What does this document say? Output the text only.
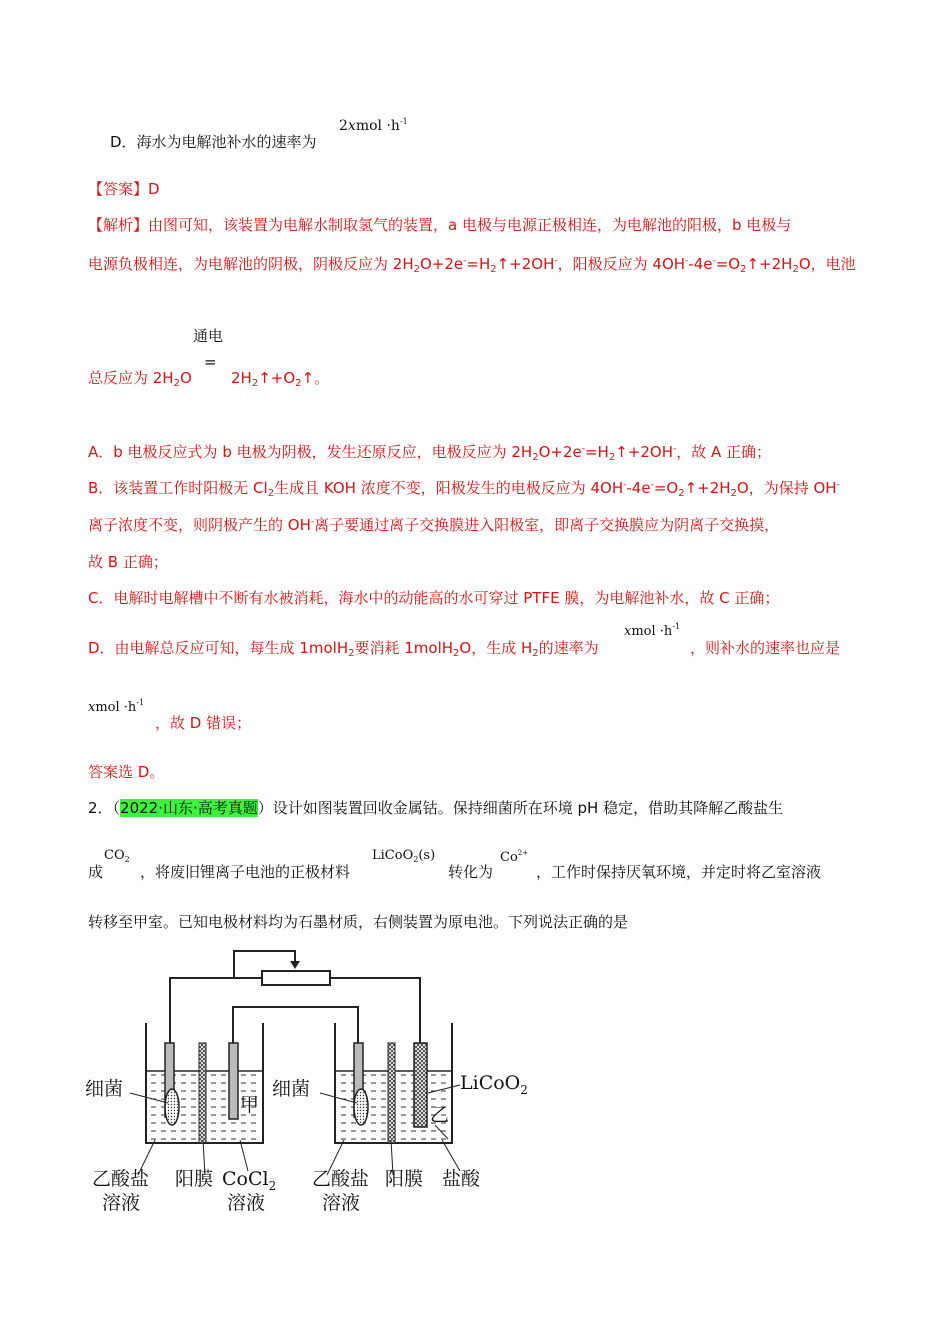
D．海水为电解池补水的速率为
2xmol $\cdot h^{-1}$
【答案】D
【解析】由图可知，该装置为电解水制取氢气的装置，a 电极与电源正极相连，为电解池的阳极，b 电极与
电源负极相连，为电解池的阴极，阴极反应为 $2H_2O+2e^-=H_2↑+2OH^-$，阳极反应为 $4OH^--4e^-=O_2↑+2H_2O$，电池
通电
=
总反应为 $2H_2O$	$2H_2↑+O_2↑$。
A．b 电极反应式为 b 电极为阴极，发生还原反应，电极反应为 $2H_2O+2e^-=H_2↑+2OH^-$，故 A 正确；
B．该装置工作时阳极无 $Cl_2$生成且 KOH 浓度不变，阳极发生的电极反应为 $4OH^--4e^-=O_2↑+2H_2O$，为保持 OH-
离子浓度不变，则阴极产生的 OH-离子要通过离子交换膜进入阳极室，即离子交换膜应为阴离子交换摸，
故 B 正确；
C．电解时电解槽中不断有水被消耗，海水中的动能高的水可穿过 PTFE 膜，为电解池补水，故 C 正确；
D．由电解总反应可知，每生成 1molH$_2$要消耗 1molH$_2$O，生成 $H_2$的速率为
xmol $\cdot h^{-1}$
，则补水的速率也应是
xmol $\cdot h^{-1}$
，故 D 错误；
答案选 D。
2．（2022·山东·高考真题）设计如图装置回收金属钴。保持细菌所在环境 pH 稳定，借助其降解乙酸盐生
成
$CO_2$
，将废旧锂离子电池的正极材料
LiCoO$_2$(s)
转化为
$Co^{2+}$
，工作时保持厌氧环境，并定时将乙室溶液
转移至甲室。已知电极材料均为石墨材质，右侧装置为原电池。下列说法正确的是
细菌	细菌
甲	乙
LiCoO$_2$
乙酸盐
溶液
阳膜 CoCl$_2$
溶液
乙酸盐
溶液
阳膜 盐酸
